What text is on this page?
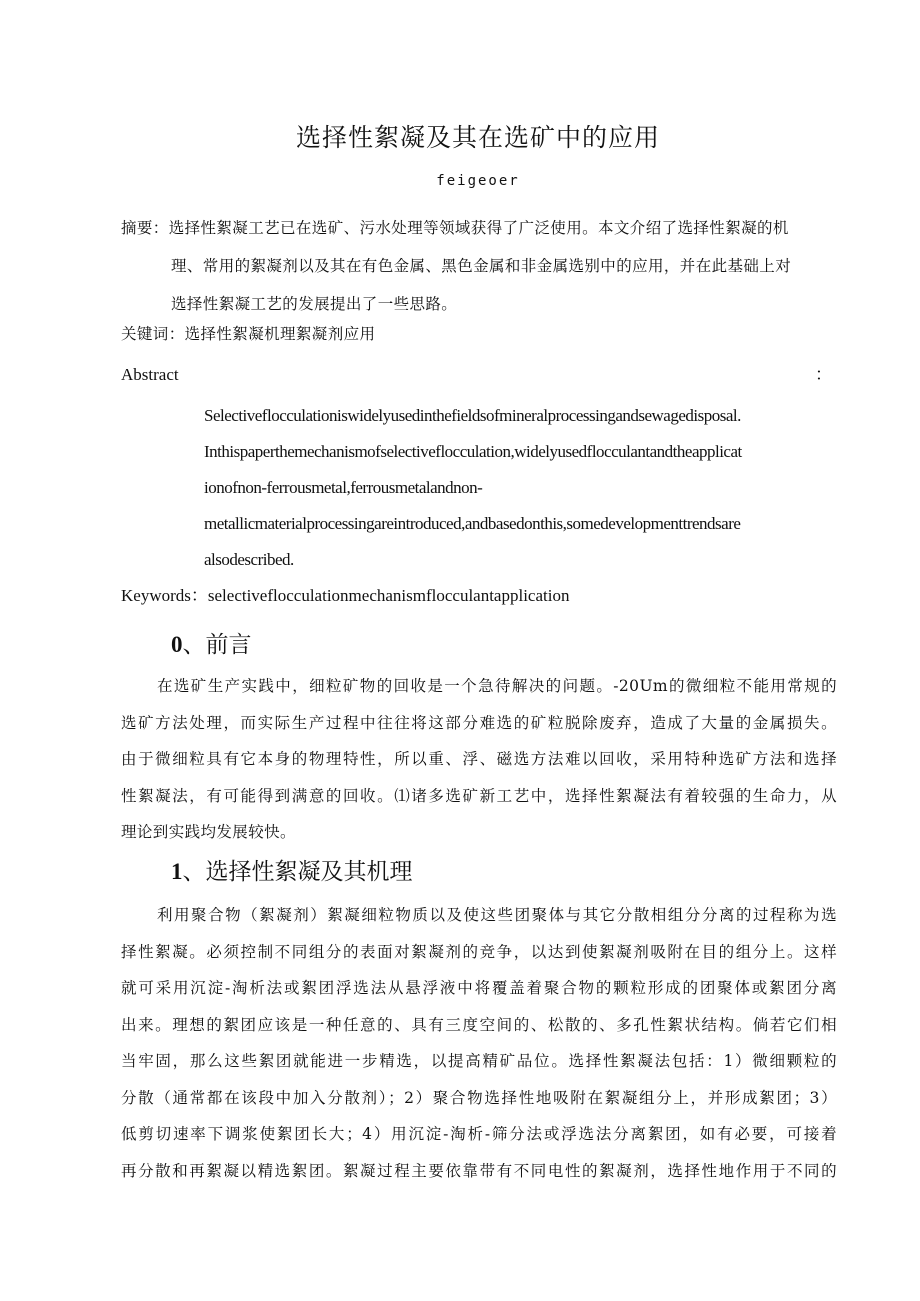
选择性絮凝及其在选矿中的应用
feigeoer
摘要：选择性絮凝工艺已在选矿、污水处理等领域获得了广泛使用。本文介绍了选择性絮凝的机
理、常用的絮凝剂以及其在有色金属、黑色金属和非金属选别中的应用，并在此基础上对
选择性絮凝工艺的发展提出了一些思路。
关键词：选择性絮凝机理絮凝剂应用
Abstract	：
Selectiveflocculationiswidelyusedinthefieldsofmineralprocessingandsewagedisposal.
Inthispaperthemechanismofselectiveflocculation,widelyusedflocculantandtheapplicat
ionofnon-ferrousmetal,ferrousmetalandnon-
metallicmaterialprocessingareintroduced,andbasedonthis,somedevelopmenttrendsare
alsodescribed.
Keywords：selectiveflocculationmechanismflocculantapplication
0、前言
在选矿生产实践中，细粒矿物的回收是一个急待解决的问题。-20Um的微细粒不能用常规的
选矿方法处理，而实际生产过程中往往将这部分难选的矿粒脱除废弃，造成了大量的金属损失。
由于微细粒具有它本身的物理特性，所以重、浮、磁选方法难以回收，采用特种选矿方法和选择
性絮凝法，有可能得到满意的回收。⑴诸多选矿新工艺中，选择性絮凝法有着较强的生命力，从
理论到实践均发展较快。
1、选择性絮凝及其机理
利用聚合物（絮凝剂）絮凝细粒物质以及使这些团聚体与其它分散相组分分离的过程称为选
择性絮凝。必须控制不同组分的表面对絮凝剂的竞争，以达到使絮凝剂吸附在目的组分上。这样
就可采用沉淀-淘析法或絮团浮选法从悬浮液中将覆盖着聚合物的颗粒形成的团聚体或絮团分离
出来。理想的絮团应该是一种任意的、具有三度空间的、松散的、多孔性絮状结构。倘若它们相
当牢固，那么这些絮团就能进一步精选，以提高精矿品位。选择性絮凝法包括：1）微细颗粒的
分散（通常都在该段中加入分散剂）；2）聚合物选择性地吸附在絮凝组分上，并形成絮团；3）
低剪切速率下调浆使絮团长大；4）用沉淀-淘析-筛分法或浮选法分离絮团，如有必要，可接着
再分散和再絮凝以精选絮团。絮凝过程主要依靠带有不同电性的絮凝剂，选择性地作用于不同的
